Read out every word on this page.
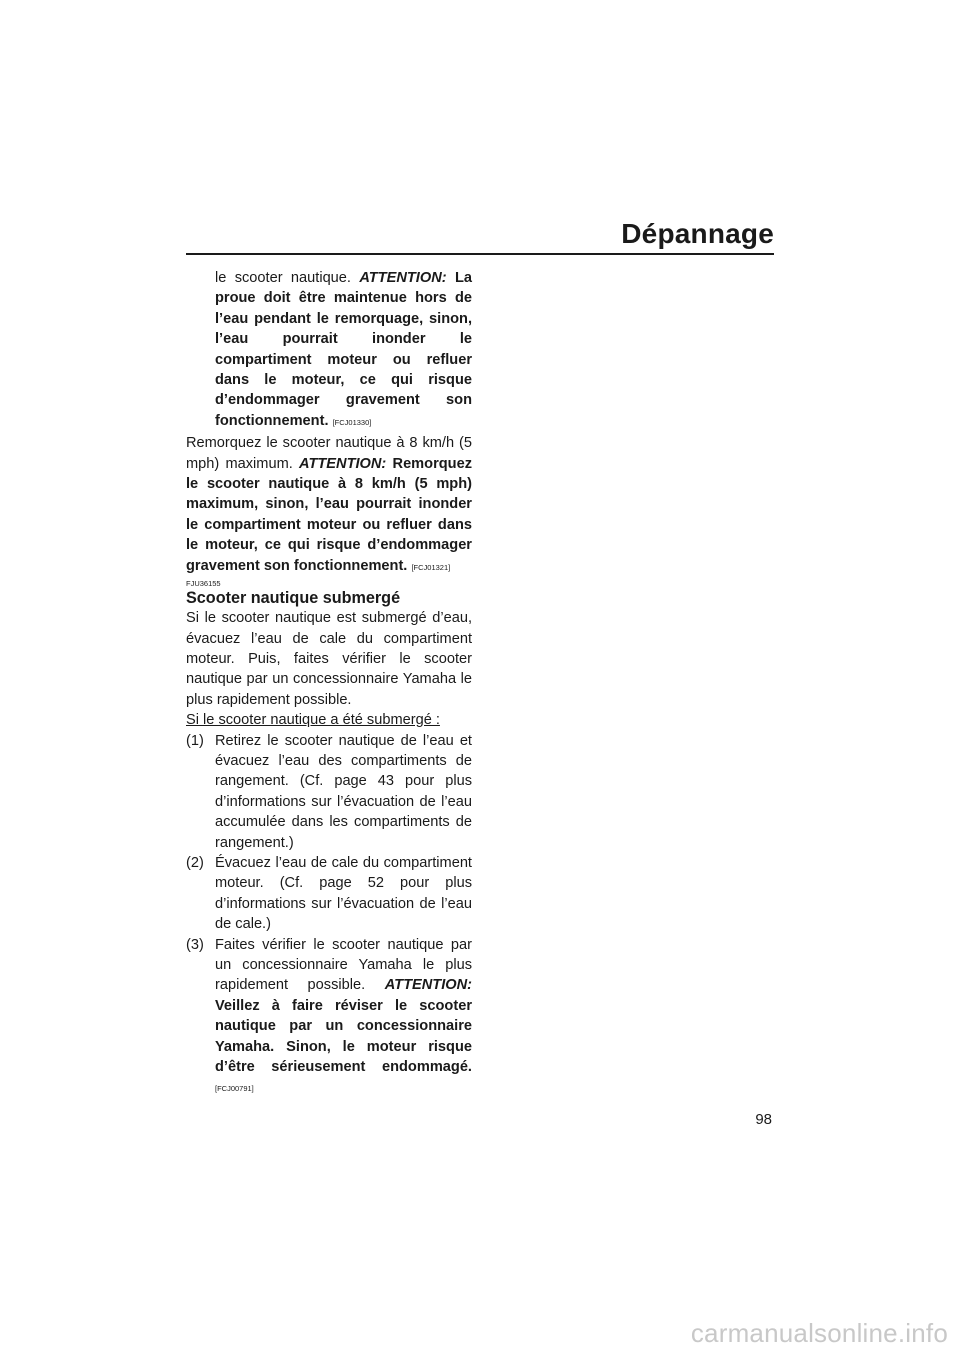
Dépannage

le scooter nautique. ATTENTION: La proue doit être maintenue hors de l’eau pendant le remorquage, sinon, l’eau pourrait inonder le compartiment moteur ou refluer dans le moteur, ce qui risque d’endommager gravement son fonctionnement. [FCJ01330]

Remorquez le scooter nautique à 8 km/h (5 mph) maximum. ATTENTION: Remorquez le scooter nautique à 8 km/h (5 mph) maximum, sinon, l’eau pourrait inonder le compartiment moteur ou refluer dans le moteur, ce qui risque d’endommager gravement son fonctionnement. [FCJ01321]

FJU36155
Scooter nautique submergé

Si le scooter nautique est submergé d’eau, évacuez l’eau de cale du compartiment moteur. Puis, faites vérifier le scooter nautique par un concessionnaire Yamaha le plus rapidement possible.

Si le scooter nautique a été submergé :

(1) Retirez le scooter nautique de l’eau et évacuez l’eau des compartiments de rangement. (Cf. page 43 pour plus d’informations sur l’évacuation de l’eau accumulée dans les compartiments de rangement.)
(2) Évacuez l’eau de cale du compartiment moteur. (Cf. page 52 pour plus d’informations sur l’évacuation de l’eau de cale.)
(3) Faites vérifier le scooter nautique par un concessionnaire Yamaha le plus rapidement possible. ATTENTION: Veillez à faire réviser le scooter nautique par un concessionnaire Yamaha. Sinon, le moteur risque d’être sérieusement endommagé. [FCJ00791]
98
carmanualsonline.info
